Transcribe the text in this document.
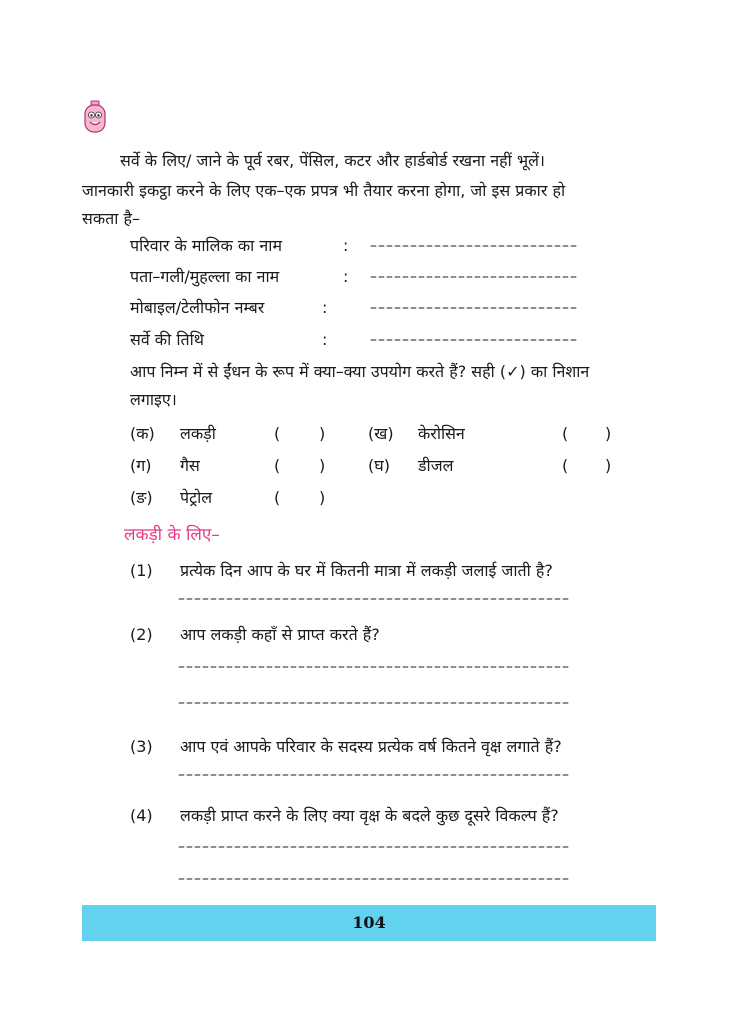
सर्वे के लिए/ जाने के पूर्व रबर, पेंसिल, कटर और हार्डबोर्ड रखना नहीं भूलें।
जानकारी इकट्ठा करने के लिए एक–एक प्रपत्र भी तैयार करना होगा, जो इस प्रकार हो
सकता है–
परिवार के मालिक का नाम	: ––––––––––––––––––––––––––
पता–गली/मुहल्ला का नाम	: ––––––––––––––––––––––––––
मोबाइल/टेलीफोन नम्बर	:	––––––––––––––––––––––––––
सर्वे की तिथि	:	––––––––––––––––––––––––––
आप निम्न में से ईंधन के रूप में क्या–क्या उपयोग करते हैं? सही (✓) का निशान
लगाइए।
(क) लकड़ी	( )	(ख) केरोसिन	( )
(ग) गैस	( )	(घ) डीजल	( )
(ङ) पेट्रोल	( )
लकड़ी के लिए–
(1) प्रत्येक दिन आप के घर में कितनी मात्रा में लकड़ी जलाई जाती है?
–––––––––––––––––––––––––––––––––––––––––––––––––
(2) आप लकड़ी कहाँ से प्राप्त करते हैं?
–––––––––––––––––––––––––––––––––––––––––––––––––
–––––––––––––––––––––––––––––––––––––––––––––––––
(3) आप एवं आपके परिवार के सदस्य प्रत्येक वर्ष कितने वृक्ष लगाते हैं?
–––––––––––––––––––––––––––––––––––––––––––––––––
(4) लकड़ी प्राप्त करने के लिए क्या वृक्ष के बदले कुछ दूसरे विकल्प हैं?
–––––––––––––––––––––––––––––––––––––––––––––––––
–––––––––––––––––––––––––––––––––––––––––––––––––
104
